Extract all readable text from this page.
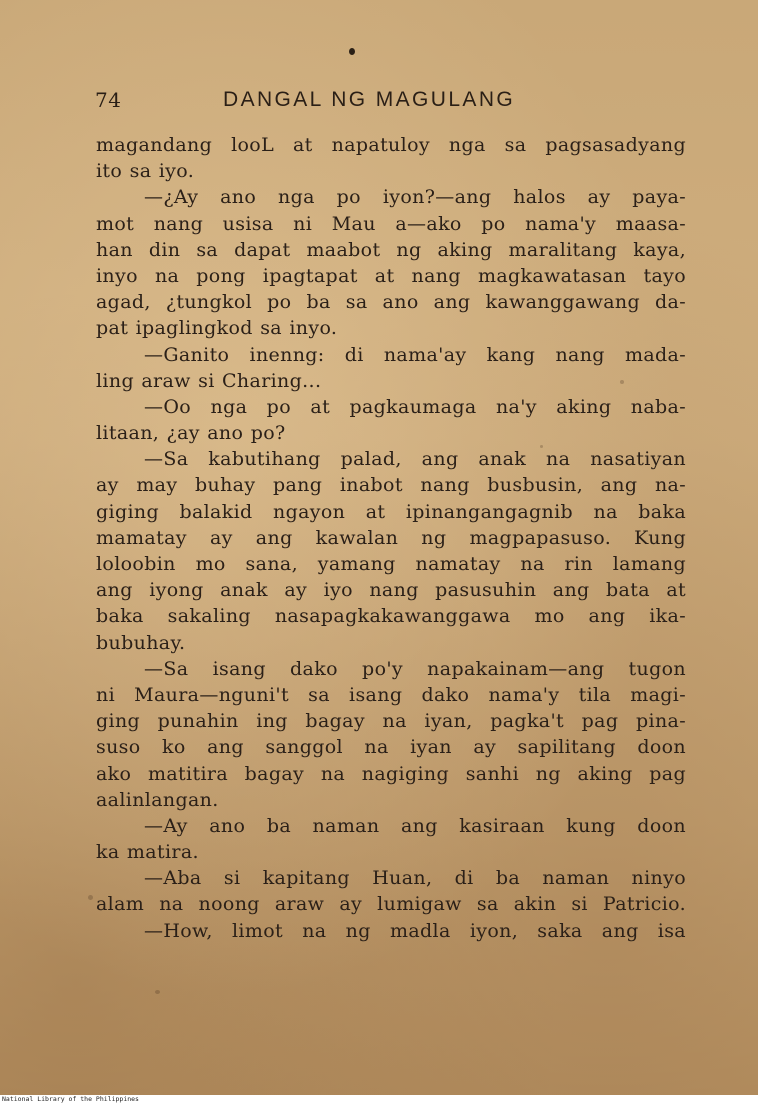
74	DANGAL NG MAGULANG
magandang looL at napatuloy nga sa pagsasadyang
ito sa iyo.
—¿Ay ano nga po iyon?—ang halos ay paya-
mot nang usisa ni Mau a—ako po nama'y maasa-
han din sa dapat maabot ng aking maralitang kaya,
inyo na pong ipagtapat at nang magkawatasan tayo
agad, ¿tungkol po ba sa ano ang kawanggawang da-
pat ipaglingkod sa inyo.
—Ganito inenng: di nama'ay kang nang mada-
ling araw si Charing...
—Oo nga po at pagkaumaga na'y aking naba-
litaan, ¿ay ano po?
—Sa kabutihang palad, ang anak na nasatiyan
ay may buhay pang inabot nang busbusin, ang na-
giging balakid ngayon at ipinangangagnib na baka
mamatay ay ang kawalan ng magpapasuso. Kung
loloobin mo sana, yamang namatay na rin lamang
ang iyong anak ay iyo nang pasusuhin ang bata at
baka sakaling nasapagkakawanggawa mo ang ika-
bubuhay.
—Sa isang dako po'y napakainam—ang tugon
ni Maura—nguni't sa isang dako nama'y tila magi-
ging punahin ing bagay na iyan, pagka't pag pina-
suso ko ang sanggol na iyan ay sapilitang doon
ako matitira bagay na nagiging sanhi ng aking pag
aalinlangan.
—Ay ano ba naman ang kasiraan kung doon
ka matira.
—Aba si kapitang Huan, di ba naman ninyo
alam na noong araw ay lumigaw sa akin si Patricio.
—How, limot na ng madla iyon, saka ang isa
National Library of the Philippines
